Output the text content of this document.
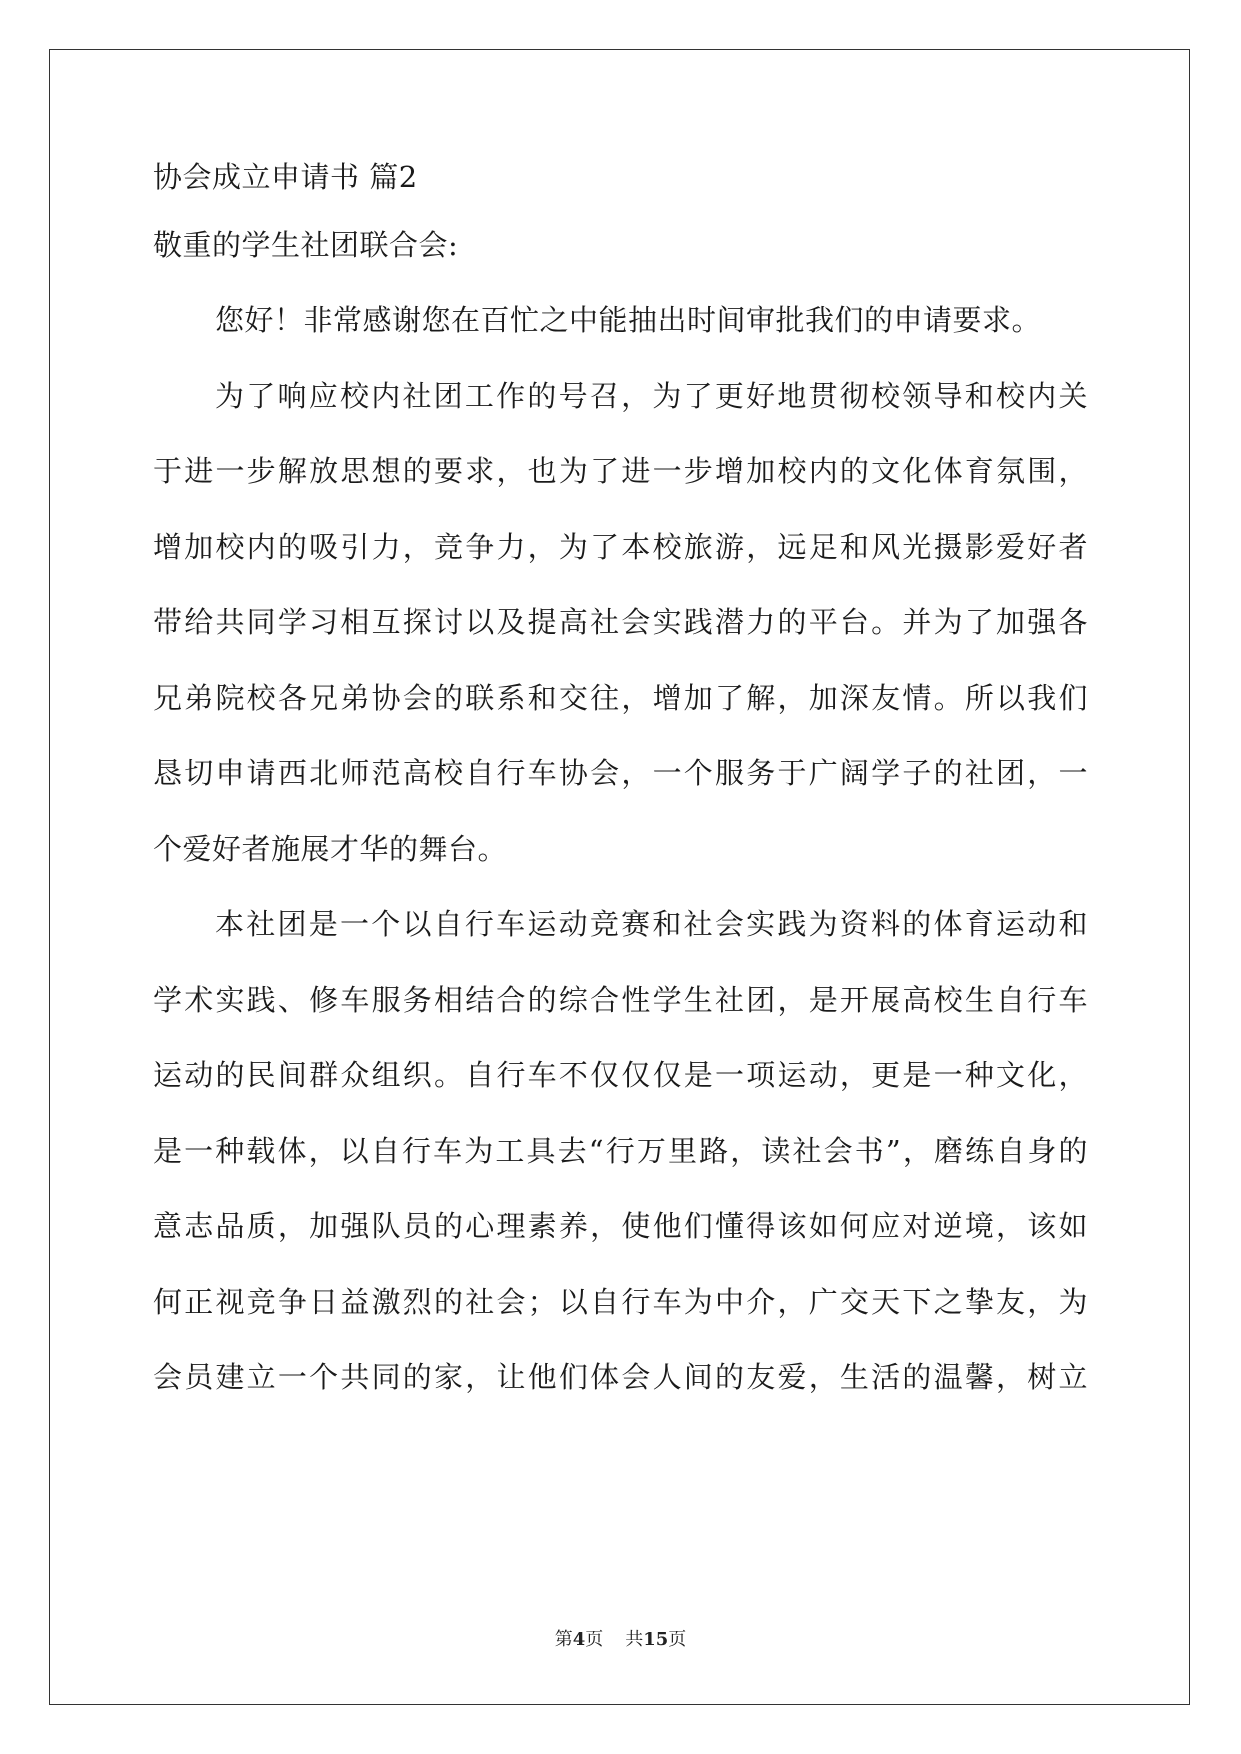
协会成立申请书 篇2
敬重的学生社团联合会:
您好！非常感谢您在百忙之中能抽出时间审批我们的申请要求。
为了响应校内社团工作的号召，为了更好地贯彻校领导和校内关
于进一步解放思想的要求，也为了进一步增加校内的文化体育氛围，
增加校内的吸引力，竞争力，为了本校旅游，远足和风光摄影爱好者
带给共同学习相互探讨以及提高社会实践潜力的平台。并为了加强各
兄弟院校各兄弟协会的联系和交往，增加了解，加深友情。所以我们
恳切申请西北师范高校自行车协会，一个服务于广阔学子的社团，一
个爱好者施展才华的舞台。
本社团是一个以自行车运动竞赛和社会实践为资料的体育运动和
学术实践、修车服务相结合的综合性学生社团，是开展高校生自行车
运动的民间群众组织。自行车不仅仅仅是一项运动，更是一种文化，
是一种载体，以自行车为工具去“行万里路，读社会书”，磨练自身的
意志品质，加强队员的心理素养，使他们懂得该如何应对逆境，该如
何正视竞争日益激烈的社会；以自行车为中介，广交天下之挚友，为
会员建立一个共同的家，让他们体会人间的友爱，生活的温馨，树立
第4页 共15页
